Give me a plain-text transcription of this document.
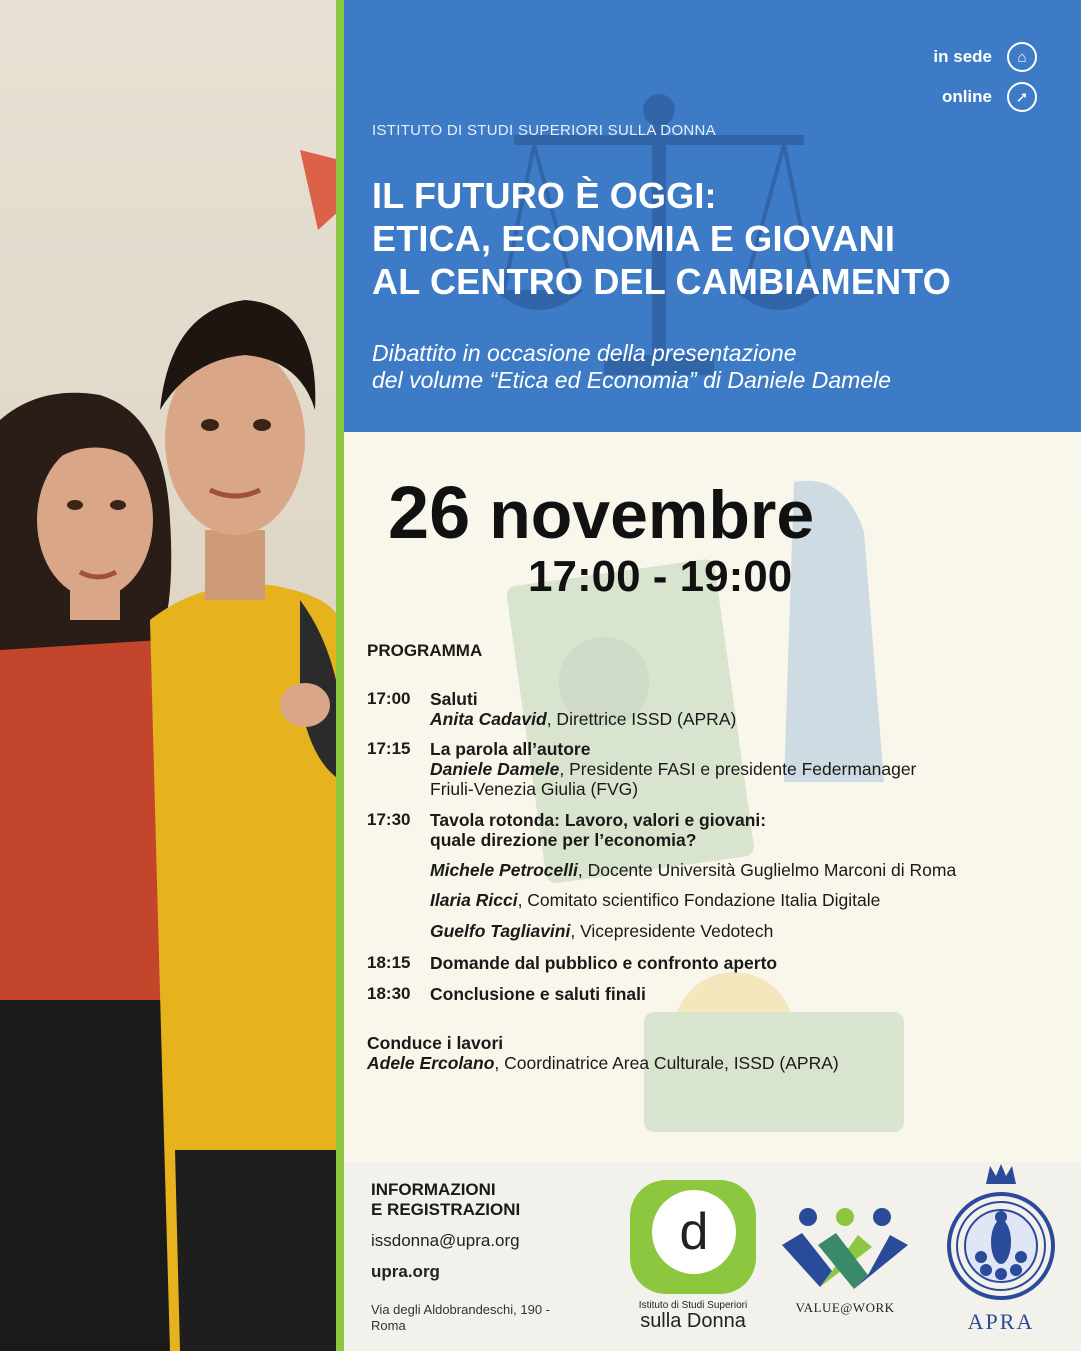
in sede	⌂
online	➚
ISTITUTO DI STUDI SUPERIORI SULLA DONNA
IL FUTURO È OGGI:
ETICA, ECONOMIA E GIOVANI
AL CENTRO DEL CAMBIAMENTO
Dibattito in occasione della presentazione
del volume “Etica ed Economia” di Daniele Damele
26 novembre
17:00 - 19:00
PROGRAMMA
17:00 Saluti
Anita Cadavid, Direttrice ISSD (APRA)
17:15 La parola all’autore
Daniele Damele, Presidente FASI e presidente Federmanager
Friuli-Venezia Giulia (FVG)
17:30 Tavola rotonda: Lavoro, valori e giovani:
quale direzione per l’economia?
Michele Petrocelli, Docente Università Guglielmo Marconi di Roma
Ilaria Ricci, Comitato scientifico Fondazione Italia Digitale
Guelfo Tagliavini, Vicepresidente Vedotech
18:15 Domande dal pubblico e confronto aperto
18:30 Conclusione e saluti finali
Conduce i lavori
Adele Ercolano, Coordinatrice Area Culturale, ISSD (APRA)
INFORMAZIONI
E REGISTRAZIONI
issdonna@upra.org
upra.org
Via degli Aldobrandeschi, 190 - Roma
d
Istituto di Studi Superiori
sulla Donna
VALUE@WORK
APRA
